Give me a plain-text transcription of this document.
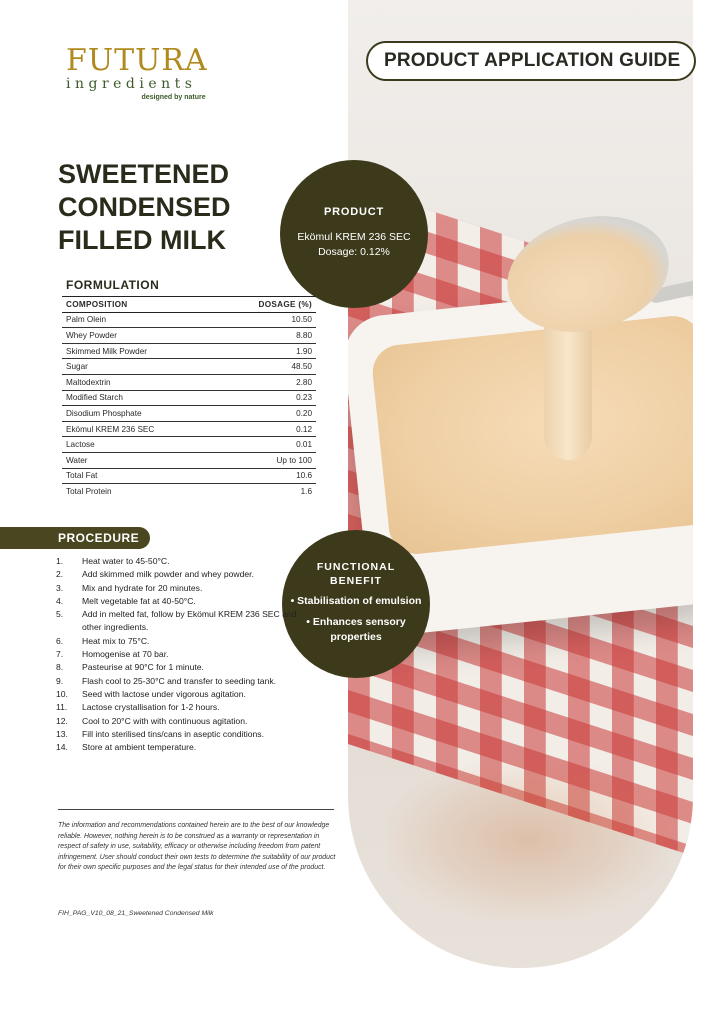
PRODUCT APPLICATION GUIDE
FUTURA
ingredients
designed by nature
SWEETENED
CONDENSED
FILLED MILK
PRODUCT
Ekömul KREM 236 SEC
Dosage: 0.12%
FORMULATION
COMPOSITION	DOSAGE (%)
Palm Olein	10.50
Whey Powder	8.80
Skimmed Milk Powder	1.90
Sugar	48.50
Maltodextrin	2.80
Modified Starch	0.23
Disodium Phosphate	0.20
Ekömul KREM 236 SEC	0.12
Lactose	0.01
Water	Up to 100
Total Fat	10.6
Total Protein	1.6
FUNCTIONAL
BENEFIT
• Stabilisation of emulsion
• Enhances sensory properties
PROCEDURE
1.	Heat water to 45-50°C.
2.	Add skimmed milk powder and whey powder.
3.	Mix and hydrate for 20 minutes.
4.	Melt vegetable fat at 40-50°C.
5.	Add in melted fat, follow by Ekömul KREM 236 SEC and other ingredients.
6.	Heat mix to 75°C.
7.	Homogenise at 70 bar.
8.	Pasteurise at 90°C for 1 minute.
9.	Flash cool to 25-30°C and transfer to seeding tank.
10.	Seed with lactose under vigorous agitation.
11.	Lactose crystallisation for 1-2 hours.
12.	Cool to 20°C with with continuous agitation.
13.	Fill into sterilised tins/cans in aseptic conditions.
14.	Store at ambient temperature.

The information and recommendations contained herein are to the best of our knowledge reliable. However, nothing herein is to be construed as a warranty or representation in respect of safety in use, suitability, efficacy or otherwise including freedom from patent infringement. User should conduct their own tests to determine the suitability of our product for their own specific purposes and the legal status for their intended use of the product.

FIH_PAG_V10_08_21_Sweetened Condensed Milk
